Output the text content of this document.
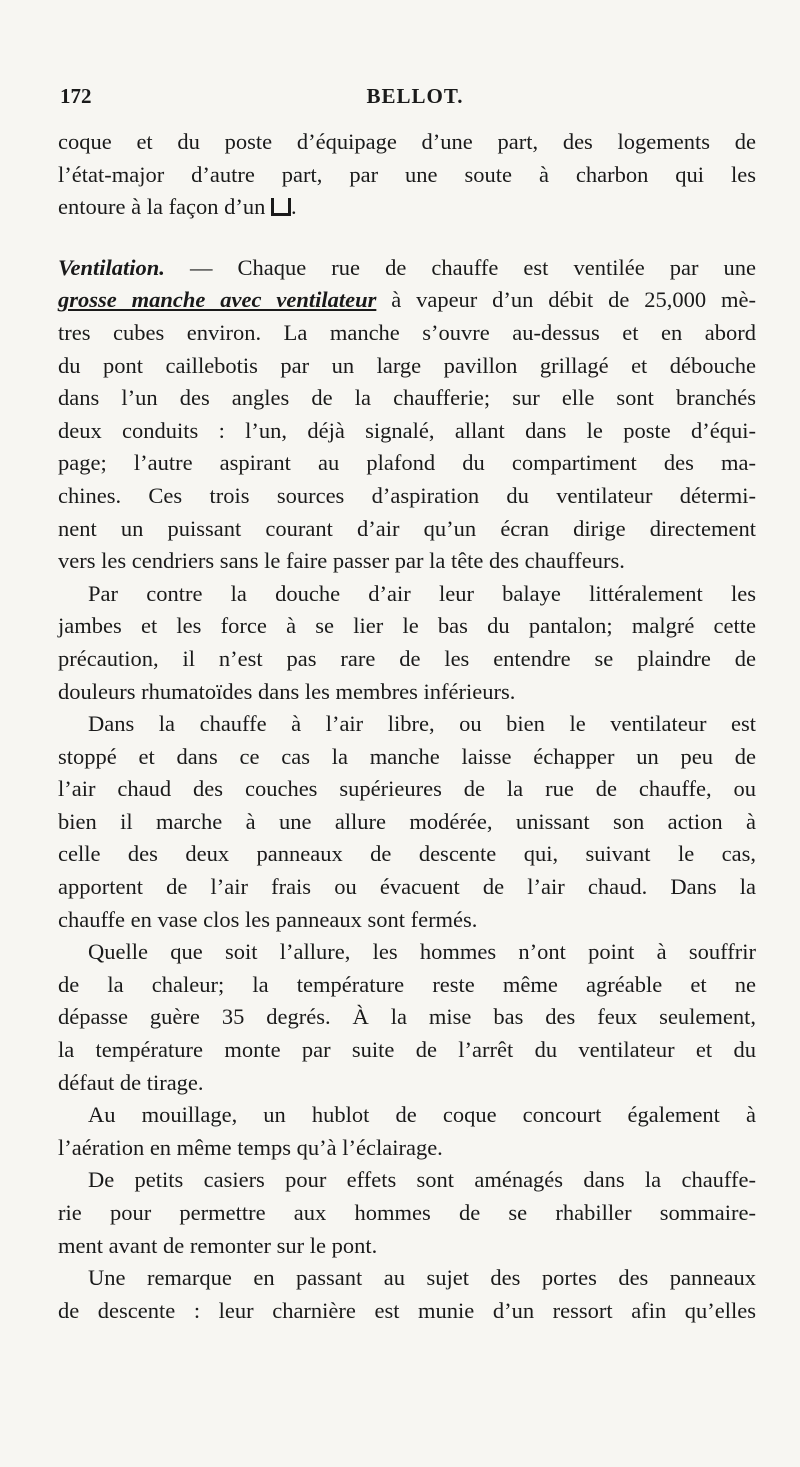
172	BELLOT.

coque et du poste d’équipage d’une part, des logements de
l’état-major d’autre part, par une soute à charbon qui les
entoure à la façon d’un .

Ventilation. — Chaque rue de chauffe est ventilée par une
grosse manche avec ventilateur à vapeur d’un débit de 25,000 mè-
tres cubes environ. La manche s’ouvre au-dessus et en abord
du pont caillebotis par un large pavillon grillagé et débouche
dans l’un des angles de la chaufferie; sur elle sont branchés
deux conduits : l’un, déjà signalé, allant dans le poste d’équi-
page; l’autre aspirant au plafond du compartiment des ma-
chines. Ces trois sources d’aspiration du ventilateur détermi-
nent un puissant courant d’air qu’un écran dirige directement
vers les cendriers sans le faire passer par la tête des chauffeurs.

Par contre la douche d’air leur balaye littéralement les
jambes et les force à se lier le bas du pantalon; malgré cette
précaution, il n’est pas rare de les entendre se plaindre de
douleurs rhumatoïdes dans les membres inférieurs.

Dans la chauffe à l’air libre, ou bien le ventilateur est
stoppé et dans ce cas la manche laisse échapper un peu de
l’air chaud des couches supérieures de la rue de chauffe, ou
bien il marche à une allure modérée, unissant son action à
celle des deux panneaux de descente qui, suivant le cas,
apportent de l’air frais ou évacuent de l’air chaud. Dans la
chauffe en vase clos les panneaux sont fermés.

Quelle que soit l’allure, les hommes n’ont point à souffrir
de la chaleur; la température reste même agréable et ne
dépasse guère 35 degrés. À la mise bas des feux seulement,
la température monte par suite de l’arrêt du ventilateur et du
défaut de tirage.

Au mouillage, un hublot de coque concourt également à
l’aération en même temps qu’à l’éclairage.

De petits casiers pour effets sont aménagés dans la chauffe-
rie pour permettre aux hommes de se rhabiller sommaire-
ment avant de remonter sur le pont.

Une remarque en passant au sujet des portes des panneaux
de descente : leur charnière est munie d’un ressort afin qu’elles
